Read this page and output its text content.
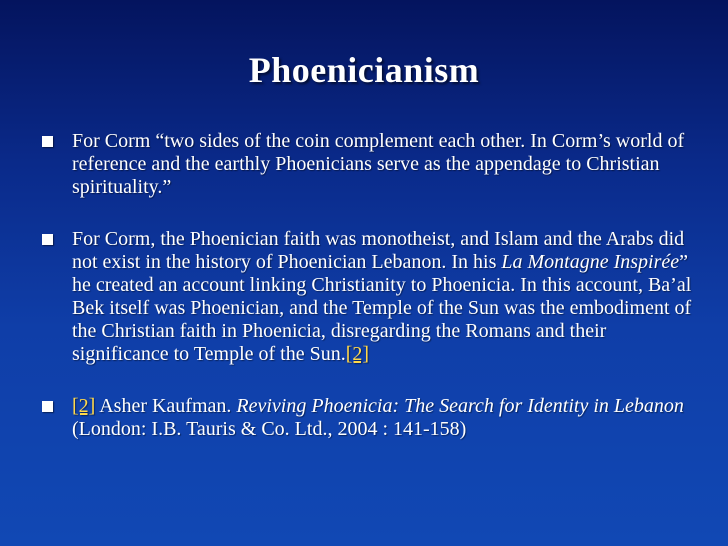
Phoenicianism
For Corm “two sides of the coin complement each other. In Corm’s world of reference and the earthly Phoenicians serve as the appendage to Christian spirituality.”
For Corm, the Phoenician faith was monotheist, and Islam and the Arabs did not exist in the history of Phoenician Lebanon. In his La Montagne Inspirée” he created an account linking Christianity to Phoenicia. In this account, Ba’al Bek itself was Phoenician, and the Temple of the Sun was the embodiment of the Christian faith in Phoenicia, disregarding the Romans and their significance to Temple of the Sun.[2]
[2] Asher Kaufman. Reviving Phoenicia: The Search for Identity in Lebanon (London: I.B. Tauris & Co. Ltd., 2004 : 141-158)
